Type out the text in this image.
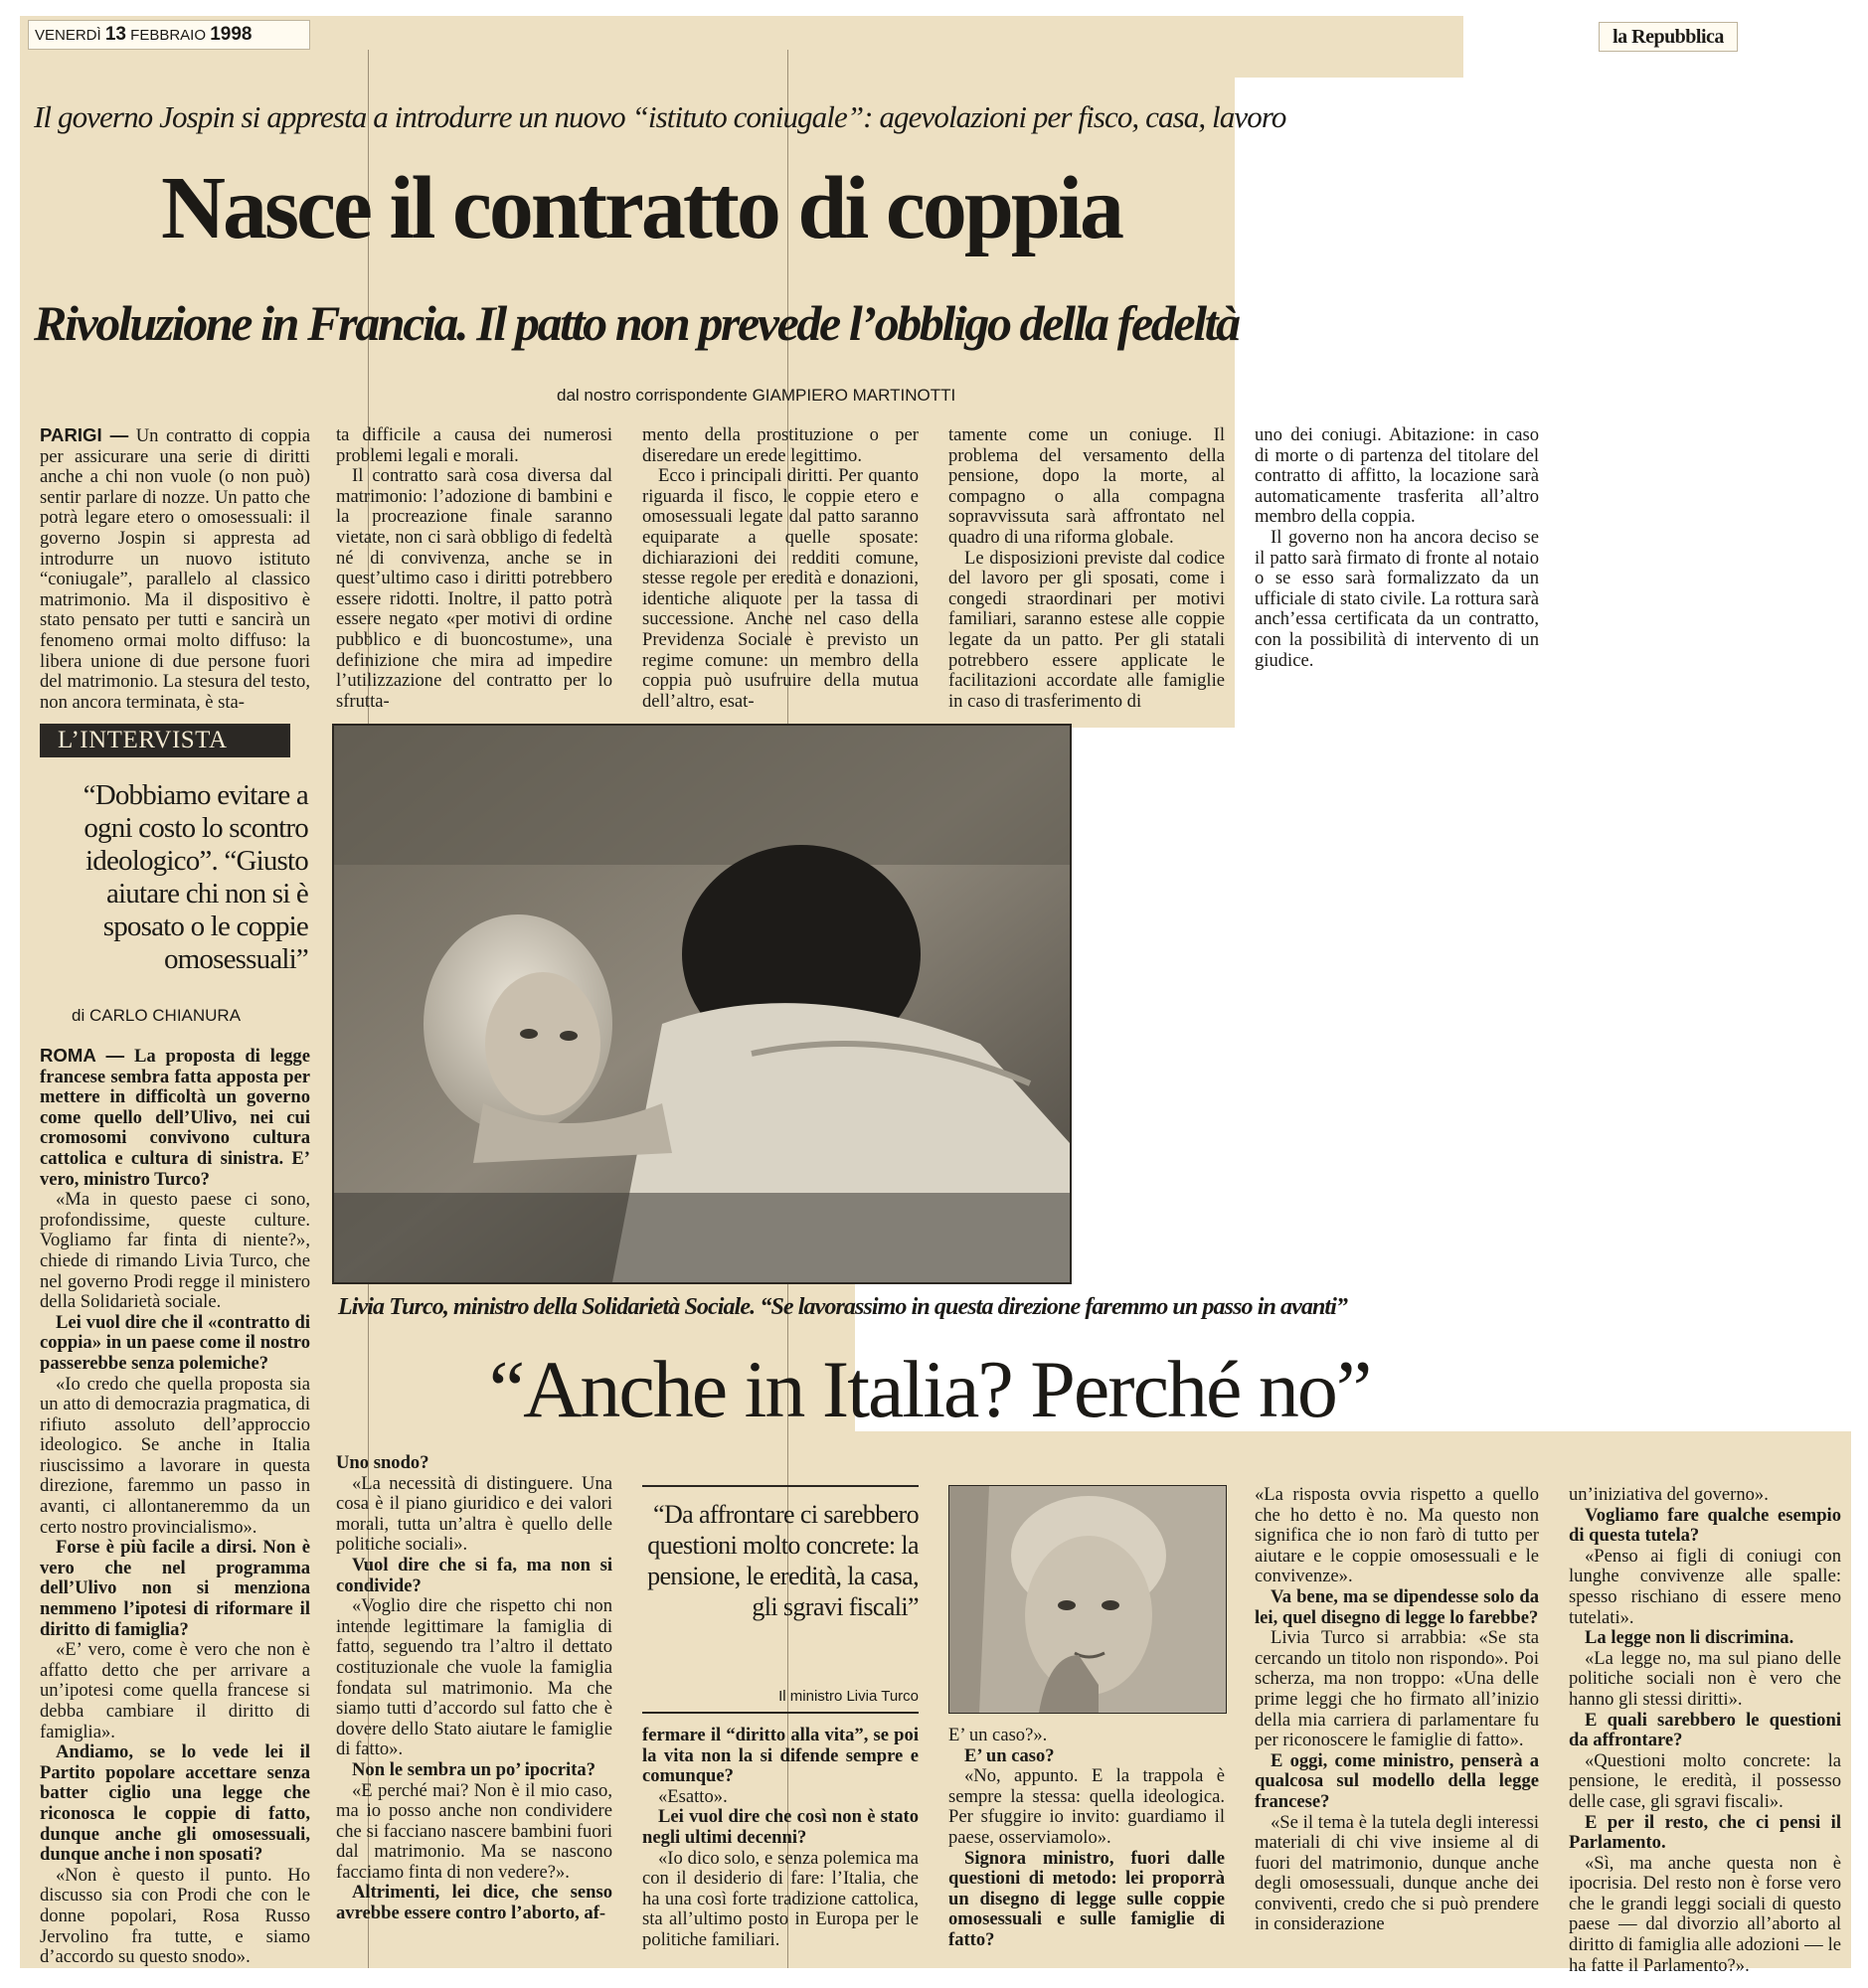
VENERDÌ 13 FEBBRAIO 1998	la Repubblica
Il governo Jospin si appresta a introdurre un nuovo “istituto coniugale”: agevolazioni per fisco, casa, lavoro
Nasce il contratto di coppia
Rivoluzione in Francia. Il patto non prevede l’obbligo della fedeltà
dal nostro corrispondente GIAMPIERO MARTINOTTI

PARIGI — Un contratto di coppia per assicurare una serie di diritti anche a chi non vuole (o non può) sentir parlare di nozze. Un patto che potrà legare etero o omosessuali: il governo Jospin si appresta ad introdurre un nuovo istituto “coniugale”, parallelo al classico matrimonio. Ma il dispositivo è stato pensato per tutti e sancirà un fenomeno ormai molto diffuso: la libera unione di due persone fuori del matrimonio. La stesura del testo, non ancora terminata, è sta-

ta difficile a causa dei numerosi problemi legali e morali.

Il contratto sarà cosa diversa dal matrimonio: l’adozione di bambini e la procreazione finale saranno vietate, non ci sarà obbligo di fedeltà né di convivenza, anche se in quest’ultimo caso i diritti potrebbero essere ridotti. Inoltre, il patto potrà essere negato «per motivi di ordine pubblico e di buoncostume», una definizione che mira ad impedire l’utilizzazione del contratto per lo sfrutta-

mento della prostituzione o per diseredare un erede legittimo.

Ecco i principali diritti. Per quanto riguarda il fisco, le coppie etero e omosessuali legate dal patto saranno equiparate a quelle sposate: dichiarazioni dei redditi comune, stesse regole per eredità e donazioni, identiche aliquote per la tassa di successione. Anche nel caso della Previdenza Sociale è previsto un regime comune: un membro della coppia può usufruire della mutua dell’altro, esat-

tamente come un coniuge. Il problema del versamento della pensione, dopo la morte, al compagno o alla compagna sopravvissuta sarà affrontato nel quadro di una riforma globale.

Le disposizioni previste dal codice del lavoro per gli sposati, come i congedi straordinari per motivi familiari, saranno estese alle coppie legate da un patto. Per gli statali potrebbero essere applicate le facilitazioni accordate alle famiglie in caso di trasferimento di

uno dei coniugi. Abitazione: in caso di morte o di partenza del titolare del contratto di affitto, la locazione sarà automaticamente trasferita all’altro membro della coppia.

Il governo non ha ancora deciso se il patto sarà firmato di fronte al notaio o se esso sarà formalizzato da un ufficiale di stato civile. La rottura sarà anch’essa certificata da un contratto, con la possibilità di intervento di un giudice.

L’INTERVISTA
“Dobbiamo evitare a ogni costo lo scontro ideologico”. “Giusto aiutare chi non si è sposato o le coppie omosessuali”
di CARLO CHIANURA
Livia Turco, ministro della Solidarietà Sociale. “Se lavorassimo in questa direzione faremmo un passo in avanti”
“Anche in Italia? Perché no”

ROMA — La proposta di legge francese sembra fatta apposta per mettere in difficoltà un governo come quello dell’Ulivo, nei cui cromosomi convivono cultura cattolica e cultura di sinistra. E’ vero, ministro Turco?

«Ma in questo paese ci sono, profondissime, queste culture. Vogliamo far finta di niente?», chiede di rimando Livia Turco, che nel governo Prodi regge il ministero della Solidarietà sociale.

Lei vuol dire che il «contratto di coppia» in un paese come il nostro passerebbe senza polemiche?

«Io credo che quella proposta sia un atto di democrazia pragmatica, di rifiuto assoluto dell’approccio ideologico. Se anche in Italia riuscissimo a lavorare in questa direzione, faremmo un passo in avanti, ci allontaneremmo da un certo nostro provincialismo».

Forse è più facile a dirsi. Non è vero che nel programma dell’Ulivo non si menziona nemmeno l’ipotesi di riformare il diritto di famiglia?

«E’ vero, come è vero che non è affatto detto che per arrivare a un’ipotesi come quella francese si debba cambiare il diritto di famiglia».

Andiamo, se lo vede lei il Partito popolare accettare senza batter ciglio una legge che riconosca le coppie di fatto, dunque anche gli omosessuali, dunque anche i non sposati?

«Non è questo il punto. Ho discusso sia con Prodi che con le donne popolari, Rosa Russo Jervolino fra tutte, e siamo d’accordo su questo snodo».

Uno snodo?

«La necessità di distinguere. Una cosa è il piano giuridico e dei valori morali, tutta un’altra è quello delle politiche sociali».

Vuol dire che si fa, ma non si condivide?

«Voglio dire che rispetto chi non intende legittimare la famiglia di fatto, seguendo tra l’altro il dettato costituzionale che vuole la famiglia fondata sul matrimonio. Ma che siamo tutti d’accordo sul fatto che è dovere dello Stato aiutare le famiglie di fatto».

Non le sembra un po’ ipocrita?

«E perché mai? Non è il mio caso, ma io posso anche non condividere che si facciano nascere bambini fuori dal matrimonio. Ma se nascono facciamo finta di non vedere?».

Altrimenti, lei dice, che senso avrebbe essere contro l’aborto, af-

“Da affrontare ci sarebbero questioni molto concrete: la pensione, le eredità, la casa, gli sgravi fiscali”
Il ministro Livia Turco

fermare il “diritto alla vita”, se poi la vita non la si difende sempre e comunque?

«Esatto».

Lei vuol dire che così non è stato negli ultimi decenni?

«Io dico solo, e senza polemica ma con il desiderio di fare: l’Italia, che ha una così forte tradizione cattolica, sta all’ultimo posto in Europa per le politiche familiari.

E’ un caso?».

E’ un caso?

«No, appunto. E la trappola è sempre la stessa: quella ideologica. Per sfuggire io invito: guardiamo il paese, osserviamolo».

Signora ministro, fuori dalle questioni di metodo: lei proporrà un disegno di legge sulle coppie omosessuali e sulle famiglie di fatto?

«La risposta ovvia rispetto a quello che ho detto è no. Ma questo non significa che io non farò di tutto per aiutare e le coppie omosessuali e le convivenze».

Va bene, ma se dipendesse solo da lei, quel disegno di legge lo farebbe?

Livia Turco si arrabbia: «Se sta cercando un titolo non rispondo». Poi scherza, ma non troppo: «Una delle prime leggi che ho firmato all’inizio della mia carriera di parlamentare fu per riconoscere le famiglie di fatto».

E oggi, come ministro, penserà a qualcosa sul modello della legge francese?

«Se il tema è la tutela degli interessi materiali di chi vive insieme al di fuori del matrimonio, dunque anche degli omosessuali, dunque anche dei conviventi, credo che si può prendere in considerazione

un’iniziativa del governo».

Vogliamo fare qualche esempio di questa tutela?

«Penso ai figli di coniugi con lunghe convivenze alle spalle: spesso rischiano di essere meno tutelati».

La legge non li discrimina.

«La legge no, ma sul piano delle politiche sociali non è vero che hanno gli stessi diritti».

E quali sarebbero le questioni da affrontare?

«Questioni molto concrete: la pensione, le eredità, il possesso delle case, gli sgravi fiscali».

E per il resto, che ci pensi il Parlamento.

«Sì, ma anche questa non è ipocrisia. Del resto non è forse vero che le grandi leggi sociali di questo paese — dal divorzio all’aborto al diritto di famiglia alle adozioni — le ha fatte il Parlamento?».
